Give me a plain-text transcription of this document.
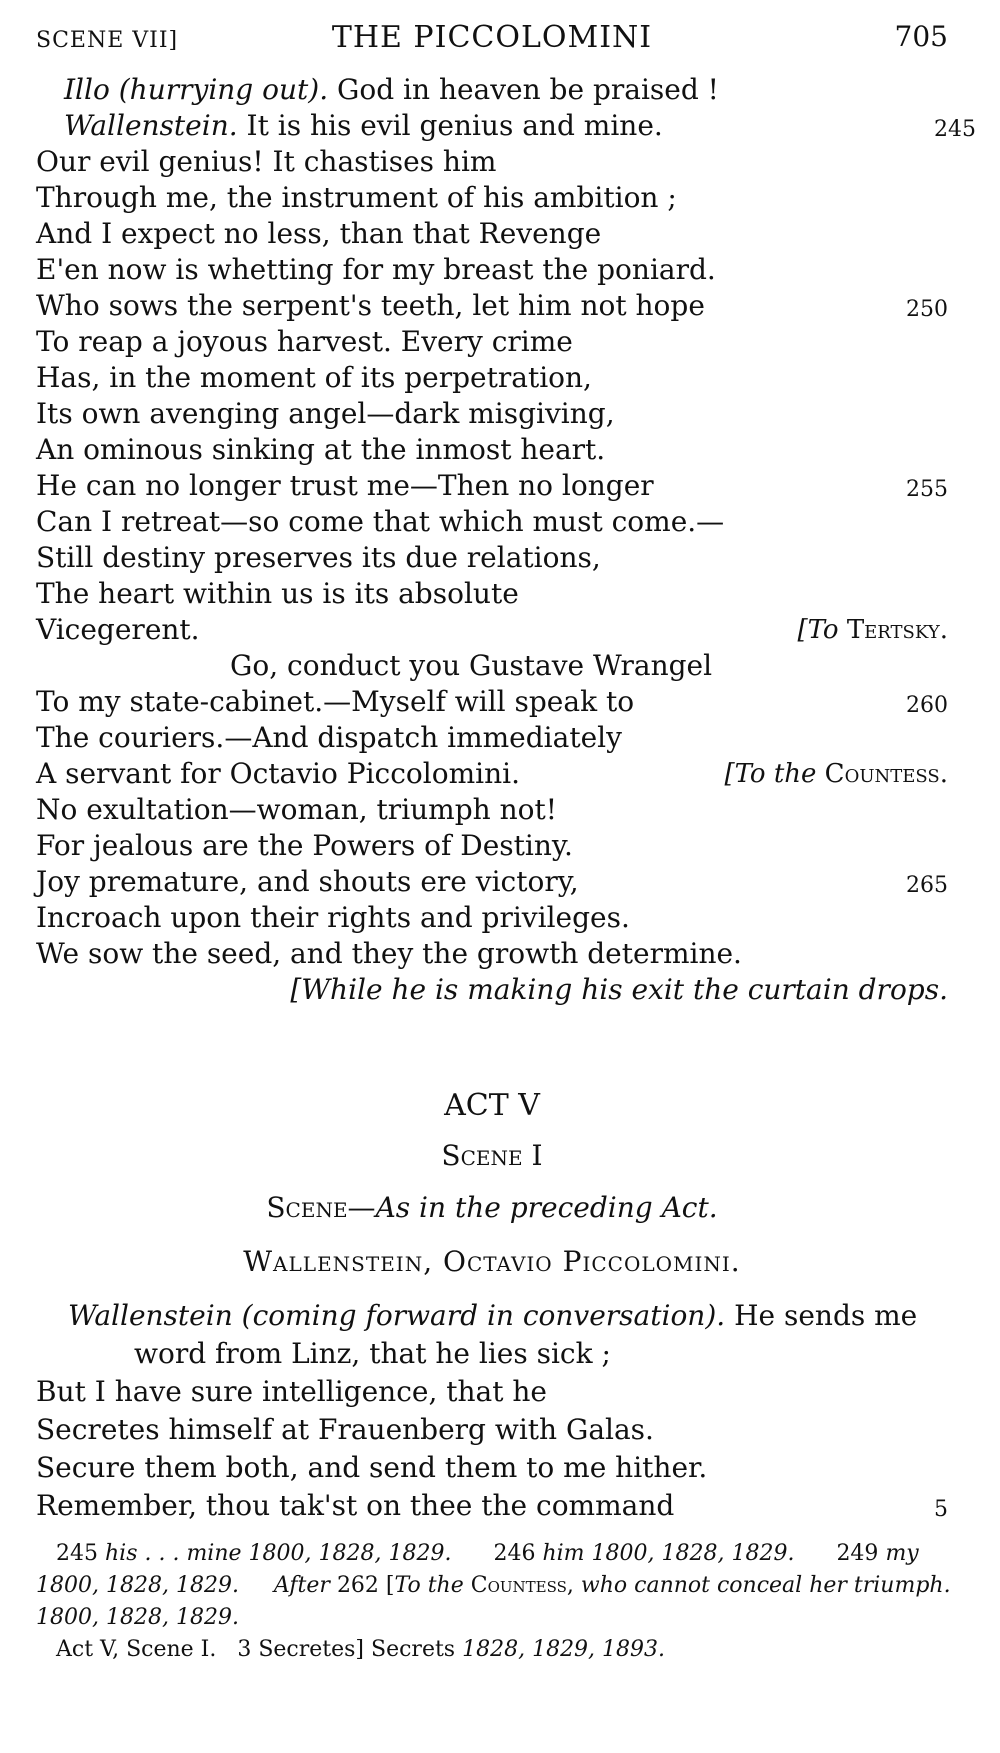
SCENE VII]	THE PICCOLOMINI	705
Illo (hurrying out). God in heaven be praised !
Wallenstein. It is his evil genius and mine.	245
Our evil genius! It chastises him
Through me, the instrument of his ambition ;
And I expect no less, than that Revenge
E'en now is whetting for my breast the poniard.
Who sows the serpent's teeth, let him not hope	250
To reap a joyous harvest. Every crime
Has, in the moment of its perpetration,
Its own avenging angel—dark misgiving,
An ominous sinking at the inmost heart.
He can no longer trust me—Then no longer	255
Can I retreat—so come that which must come.—
Still destiny preserves its due relations,
The heart within us is its absolute
Vicegerent.	[To Tertsky.
Go, conduct you Gustave Wrangel
To my state-cabinet.—Myself will speak to	260
The couriers.—And dispatch immediately
A servant for Octavio Piccolomini.	[To the Countess.
No exultation—woman, triumph not!
For jealous are the Powers of Destiny.
Joy premature, and shouts ere victory,	265
Incroach upon their rights and privileges.
We sow the seed, and they the growth determine.
[While he is making his exit the curtain drops.
ACT V
Scene I
Scene—As in the preceding Act.
Wallenstein, Octavio Piccolomini.
Wallenstein (coming forward in conversation). He sends me
word from Linz, that he lies sick ;
But I have sure intelligence, that he
Secretes himself at Frauenberg with Galas.
Secure them both, and send them to me hither.
Remember, thou tak'st on thee the command	5
245 his . . . mine 1800, 1828, 1829. 246 him 1800, 1828, 1829. 249 my
1800, 1828, 1829. After 262 [To the Countess, who cannot conceal her triumph.
1800, 1828, 1829.
Act V, Scene I. 3 Secretes] Secrets 1828, 1829, 1893.
